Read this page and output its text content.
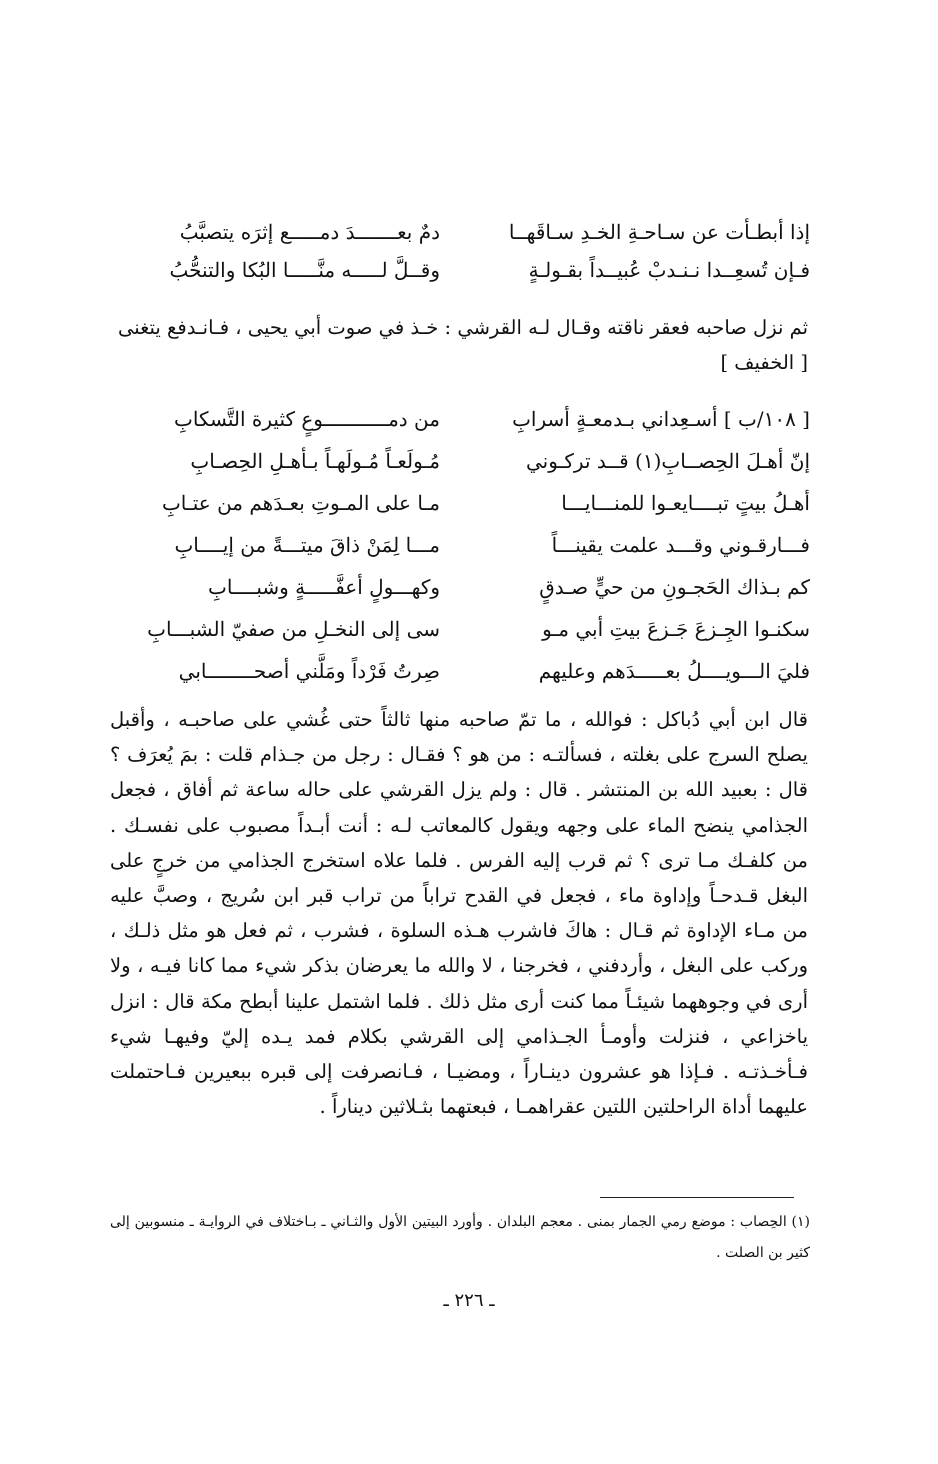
إذا أبطـأت عن سـاحـةِ الخـدِ سـاقَهــا
دمٌ بعـــــــدَ دمـــــع إثرَه يتصبَّبُ
فـإن تُسعِــدا نـنـدبْ عُبيــداً بقـولـةٍ
وقــلَّ لـــــه منَّـــــا البُكا والتنحُّبُ
ثم نزل صاحبه فعقر ناقته وقـال لـه القرشي : خـذ في صوت أبي يحيى ، فـانـدفع يتغنى
[ الخفيف ]
[ ١٠٨/ب ] أسـعِداني بـدمعـةٍ أسرابِ
من دمـــــــــــوعٍ كثيرة التَّسكابِ
إنّ أهـلَ الحِصــابِ(١) قــد تركـوني
مُـولَعـاً مُـولَهـاً بـأهـلِ الحِصـابِ
أهـلُ بيتٍ تبــــايعـوا للمنـــايـــا
مـا على المـوتِ بعـدَهم من عتـابِ
فـــارقـوني وقـــد علمت يقينـــاً
مـــا لِمَنْ ذاقَ ميتـــةً من إيــــابِ
كم بـذاك الحَجـونِ من حيٍّ صـدقٍ
وكهـــولٍ أعفَّـــــةٍ وشبــــابِ
سكنـوا الجِـزعَ جَـزعَ بيتِ أبي مـو
سى إلى النخـلِ من صفيّ الشبـــابِ
فليَ الـــويــــلُ بعـــــدَهم وعليهم
صِرتُ فَرْداً ومَلَّني أصحــــــــابي
قال ابن أبي دُباكل : فوالله ، ما تمّ صاحبه منها ثالثاً حتى غُشي على صاحبـه ، وأقبل يصلح السرج على بغلته ، فسألتـه : من هو ؟ فقـال : رجل من جـذام قلت : بمَ يُعرَف ؟ قال : بعبيد الله بن المنتشر . قال : ولم يزل القرشي على حاله ساعة ثم أفاق ، فجعل الجذامي ينضح الماء على وجهه ويقول كالمعاتب لـه : أنت أبـداً مصبوب على نفسـك . من كلفـك مـا ترى ؟ ثم قرب إليه الفرس . فلما علاه استخرج الجذامي من خرجٍ على البغل قـدحـاً وإداوة ماء ، فجعل في القدح تراباً من تراب قبر ابن سُريج ، وصبَّ عليه من مـاء الإداوة ثم قـال : هاكَ فاشرب هـذه السلوة ، فشرب ، ثم فعل هو مثل ذلـك ، وركب على البغل ، وأردفني ، فخرجنا ، لا والله ما يعرضان بذكر شيء مما كانا فيـه ، ولا أرى في وجوههما شيئـاً مما كنت أرى مثل ذلك . فلما اشتمل علينا أبطح مكة قال : انزل ياخزاعي ، فنزلت وأومـأ الجـذامي إلى القرشي بكلام فمد يـده إليّ وفيهـا شيء فـأخـذتـه . فـإذا هو عشرون دينـاراً ، ومضيـا ، فـانصرفت إلى قبره ببعيرين فـاحتملت عليهما أداة الراحلتين اللتين عقراهمـا ، فبعتهما بثـلاثين ديناراً .
(١) الحِصاب : موضع رمي الجمار بمنى . معجم البلدان . وأورد البيتين الأول والثـاني ـ بـاختلاف في الروايـة ـ منسوبين إلى كثير بن الصلت .
ـ ٢٢٦ ـ
